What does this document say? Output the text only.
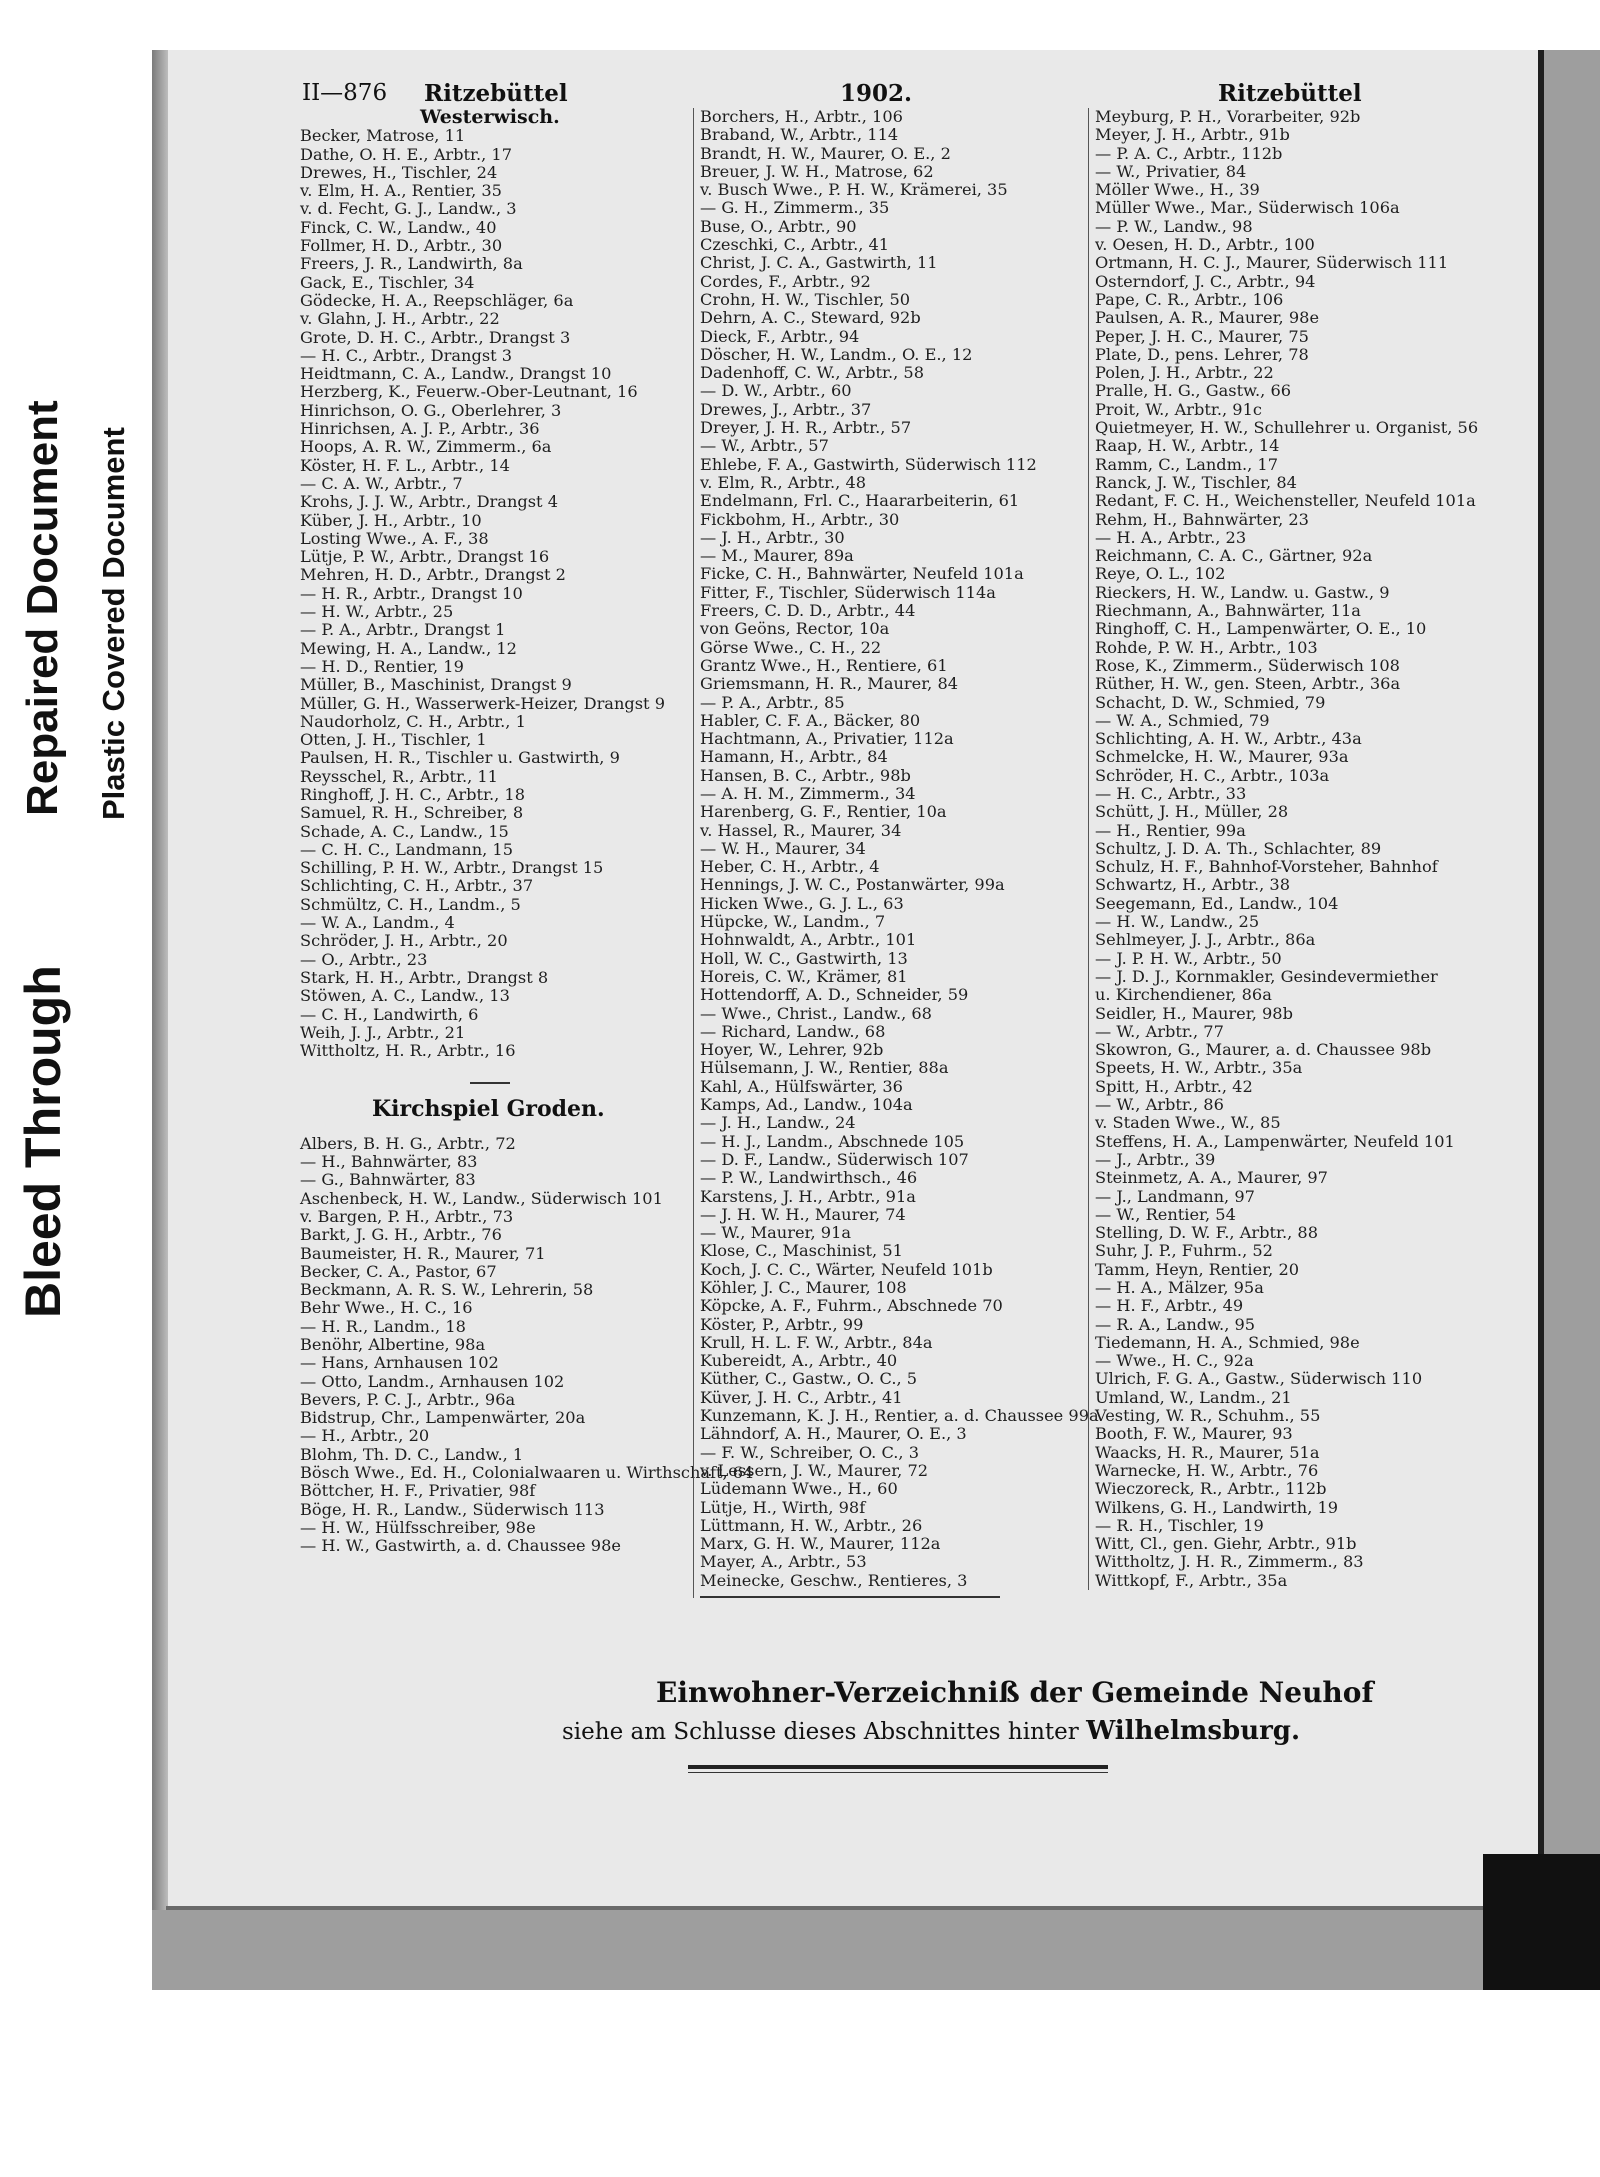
Bleed Through
Repaired Document Plastic Covered Document
II—876 Ritzebüttel	1902.	Ritzebüttel
Westerwisch.
Becker, Matrose, 11
Dathe, O. H. E., Arbtr., 17
Drewes, H., Tischler, 24
v. Elm, H. A., Rentier, 35
v. d. Fecht, G. J., Landw., 3
Finck, C. W., Landw., 40
Follmer, H. D., Arbtr., 30
Freers, J. R., Landwirth, 8a
Gack, E., Tischler, 34
Gödecke, H. A., Reepschläger, 6a
v. Glahn, J. H., Arbtr., 22
Grote, D. H. C., Arbtr., Drangst 3
— H. C., Arbtr., Drangst 3
Heidtmann, C. A., Landw., Drangst 10
Herzberg, K., Feuerw.-Ober-Leutnant, 16
Hinrichson, O. G., Oberlehrer, 3
Hinrichsen, A. J. P., Arbtr., 36
Hoops, A. R. W., Zimmerm., 6a
Köster, H. F. L., Arbtr., 14
— C. A. W., Arbtr., 7
Krohs, J. J. W., Arbtr., Drangst 4
Küber, J. H., Arbtr., 10
Losting Wwe., A. F., 38
Lütje, P. W., Arbtr., Drangst 16
Mehren, H. D., Arbtr., Drangst 2
— H. R., Arbtr., Drangst 10
— H. W., Arbtr., 25
— P. A., Arbtr., Drangst 1
Mewing, H. A., Landw., 12
— H. D., Rentier, 19
Müller, B., Maschinist, Drangst 9
Müller, G. H., Wasserwerk-Heizer, Drangst 9
Naudorholz, C. H., Arbtr., 1
Otten, J. H., Tischler, 1
Paulsen, H. R., Tischler u. Gastwirth, 9
Reysschel, R., Arbtr., 11
Ringhoff, J. H. C., Arbtr., 18
Samuel, R. H., Schreiber, 8
Schade, A. C., Landw., 15
— C. H. C., Landmann, 15
Schilling, P. H. W., Arbtr., Drangst 15
Schlichting, C. H., Arbtr., 37
Schmültz, C. H., Landm., 5
— W. A., Landm., 4
Schröder, J. H., Arbtr., 20
— O., Arbtr., 23
Stark, H. H., Arbtr., Drangst 8
Stöwen, A. C., Landw., 13
— C. H., Landwirth, 6
Weih, J. J., Arbtr., 21
Wittholtz, H. R., Arbtr., 16
Kirchspiel Groden.
Albers, B. H. G., Arbtr., 72
— H., Bahnwärter, 83
— G., Bahnwärter, 83
Aschenbeck, H. W., Landw., Süderwisch 101
v. Bargen, P. H., Arbtr., 73
Barkt, J. G. H., Arbtr., 76
Baumeister, H. R., Maurer, 71
Becker, C. A., Pastor, 67
Beckmann, A. R. S. W., Lehrerin, 58
Behr Wwe., H. C., 16
— H. R., Landm., 18
Benöhr, Albertine, 98a
— Hans, Arnhausen 102
— Otto, Landm., Arnhausen 102
Bevers, P. C. J., Arbtr., 96a
Bidstrup, Chr., Lampenwärter, 20a
— H., Arbtr., 20
Blohm, Th. D. C., Landw., 1
Bösch Wwe., Ed. H., Colonialwaaren u. Wirthschaft, 64
Böttcher, H. F., Privatier, 98f
Böge, H. R., Landw., Süderwisch 113
— H. W., Hülfsschreiber, 98e
— H. W., Gastwirth, a. d. Chaussee 98e
Borchers, H., Arbtr., 106
Braband, W., Arbtr., 114
Brandt, H. W., Maurer, O. E., 2
Breuer, J. W. H., Matrose, 62
v. Busch Wwe., P. H. W., Krämerei, 35
— G. H., Zimmerm., 35
Buse, O., Arbtr., 90
Czeschki, C., Arbtr., 41
Christ, J. C. A., Gastwirth, 11
Cordes, F., Arbtr., 92
Crohn, H. W., Tischler, 50
Dehrn, A. C., Steward, 92b
Dieck, F., Arbtr., 94
Döscher, H. W., Landm., O. E., 12
Dadenhoff, C. W., Arbtr., 58
— D. W., Arbtr., 60
Drewes, J., Arbtr., 37
Dreyer, J. H. R., Arbtr., 57
— W., Arbtr., 57
Ehlebe, F. A., Gastwirth, Süderwisch 112
v. Elm, R., Arbtr., 48
Endelmann, Frl. C., Haararbeiterin, 61
Fickbohm, H., Arbtr., 30
— J. H., Arbtr., 30
— M., Maurer, 89a
Ficke, C. H., Bahnwärter, Neufeld 101a
Fitter, F., Tischler, Süderwisch 114a
Freers, C. D. D., Arbtr., 44
von Geöns, Rector, 10a
Görse Wwe., C. H., 22
Grantz Wwe., H., Rentiere, 61
Griemsmann, H. R., Maurer, 84
— P. A., Arbtr., 85
Habler, C. F. A., Bäcker, 80
Hachtmann, A., Privatier, 112a
Hamann, H., Arbtr., 84
Hansen, B. C., Arbtr., 98b
— A. H. M., Zimmerm., 34
Harenberg, G. F., Rentier, 10a
v. Hassel, R., Maurer, 34
— W. H., Maurer, 34
Heber, C. H., Arbtr., 4
Hennings, J. W. C., Postanwärter, 99a
Hicken Wwe., G. J. L., 63
Hüpcke, W., Landm., 7
Hohnwaldt, A., Arbtr., 101
Holl, W. C., Gastwirth, 13
Horeis, C. W., Krämer, 81
Hottendorff, A. D., Schneider, 59
— Wwe., Christ., Landw., 68
— Richard, Landw., 68
Hoyer, W., Lehrer, 92b
Hülsemann, J. W., Rentier, 88a
Kahl, A., Hülfswärter, 36
Kamps, Ad., Landw., 104a
— J. H., Landw., 24
— H. J., Landm., Abschnede 105
— D. F., Landw., Süderwisch 107
— P. W., Landwirthsch., 46
Karstens, J. H., Arbtr., 91a
— J. H. W. H., Maurer, 74
— W., Maurer, 91a
Klose, C., Maschinist, 51
Koch, J. C. C., Wärter, Neufeld 101b
Köhler, J. C., Maurer, 108
Köpcke, A. F., Fuhrm., Abschnede 70
Köster, P., Arbtr., 99
Krull, H. L. F. W., Arbtr., 84a
Kubereidt, A., Arbtr., 40
Küther, C., Gastw., O. C., 5
Küver, J. H. C., Arbtr., 41
Kunzemann, K. J. H., Rentier, a. d. Chaussee 99a
Lähndorf, A. H., Maurer, O. E., 3
— F. W., Schreiber, O. C., 3
v. Lessern, J. W., Maurer, 72
Lüdemann Wwe., H., 60
Lütje, H., Wirth, 98f
Lüttmann, H. W., Arbtr., 26
Marx, G. H. W., Maurer, 112a
Mayer, A., Arbtr., 53
Meinecke, Geschw., Rentieres, 3
Meyburg, P. H., Vorarbeiter, 92b
Meyer, J. H., Arbtr., 91b
— P. A. C., Arbtr., 112b
— W., Privatier, 84
Möller Wwe., H., 39
Müller Wwe., Mar., Süderwisch 106a
— P. W., Landw., 98
v. Oesen, H. D., Arbtr., 100
Ortmann, H. C. J., Maurer, Süderwisch 111
Osterndorf, J. C., Arbtr., 94
Pape, C. R., Arbtr., 106
Paulsen, A. R., Maurer, 98e
Peper, J. H. C., Maurer, 75
Plate, D., pens. Lehrer, 78
Polen, J. H., Arbtr., 22
Pralle, H. G., Gastw., 66
Proit, W., Arbtr., 91c
Quietmeyer, H. W., Schullehrer u. Organist, 56
Raap, H. W., Arbtr., 14
Ramm, C., Landm., 17
Ranck, J. W., Tischler, 84
Redant, F. C. H., Weichensteller, Neufeld 101a
Rehm, H., Bahnwärter, 23
— H. A., Arbtr., 23
Reichmann, C. A. C., Gärtner, 92a
Reye, O. L., 102
Rieckers, H. W., Landw. u. Gastw., 9
Riechmann, A., Bahnwärter, 11a
Ringhoff, C. H., Lampenwärter, O. E., 10
Rohde, P. W. H., Arbtr., 103
Rose, K., Zimmerm., Süderwisch 108
Rüther, H. W., gen. Steen, Arbtr., 36a
Schacht, D. W., Schmied, 79
— W. A., Schmied, 79
Schlichting, A. H. W., Arbtr., 43a
Schmelcke, H. W., Maurer, 93a
Schröder, H. C., Arbtr., 103a
— H. C., Arbtr., 33
Schütt, J. H., Müller, 28
— H., Rentier, 99a
Schultz, J. D. A. Th., Schlachter, 89
Schulz, H. F., Bahnhof-Vorsteher, Bahnhof
Schwartz, H., Arbtr., 38
Seegemann, Ed., Landw., 104
— H. W., Landw., 25
Sehlmeyer, J. J., Arbtr., 86a
— J. P. H. W., Arbtr., 50
— J. D. J., Kornmakler, Gesindevermiether
u. Kirchendiener, 86a
Seidler, H., Maurer, 98b
— W., Arbtr., 77
Skowron, G., Maurer, a. d. Chaussee 98b
Speets, H. W., Arbtr., 35a
Spitt, H., Arbtr., 42
— W., Arbtr., 86
v. Staden Wwe., W., 85
Steffens, H. A., Lampenwärter, Neufeld 101
— J., Arbtr., 39
Steinmetz, A. A., Maurer, 97
— J., Landmann, 97
— W., Rentier, 54
Stelling, D. W. F., Arbtr., 88
Suhr, J. P., Fuhrm., 52
Tamm, Heyn, Rentier, 20
— H. A., Mälzer, 95a
— H. F., Arbtr., 49
— R. A., Landw., 95
Tiedemann, H. A., Schmied, 98e
— Wwe., H. C., 92a
Ulrich, F. G. A., Gastw., Süderwisch 110
Umland, W., Landm., 21
Vesting, W. R., Schuhm., 55
Booth, F. W., Maurer, 93
Waacks, H. R., Maurer, 51a
Warnecke, H. W., Arbtr., 76
Wieczoreck, R., Arbtr., 112b
Wilkens, G. H., Landwirth, 19
— R. H., Tischler, 19
Witt, Cl., gen. Giehr, Arbtr., 91b
Wittholtz, J. H. R., Zimmerm., 83
Wittkopf, F., Arbtr., 35a
Einwohner-Verzeichniß der Gemeinde Neuhof
siehe am Schlusse dieses Abschnittes hinter Wilhelmsburg.
